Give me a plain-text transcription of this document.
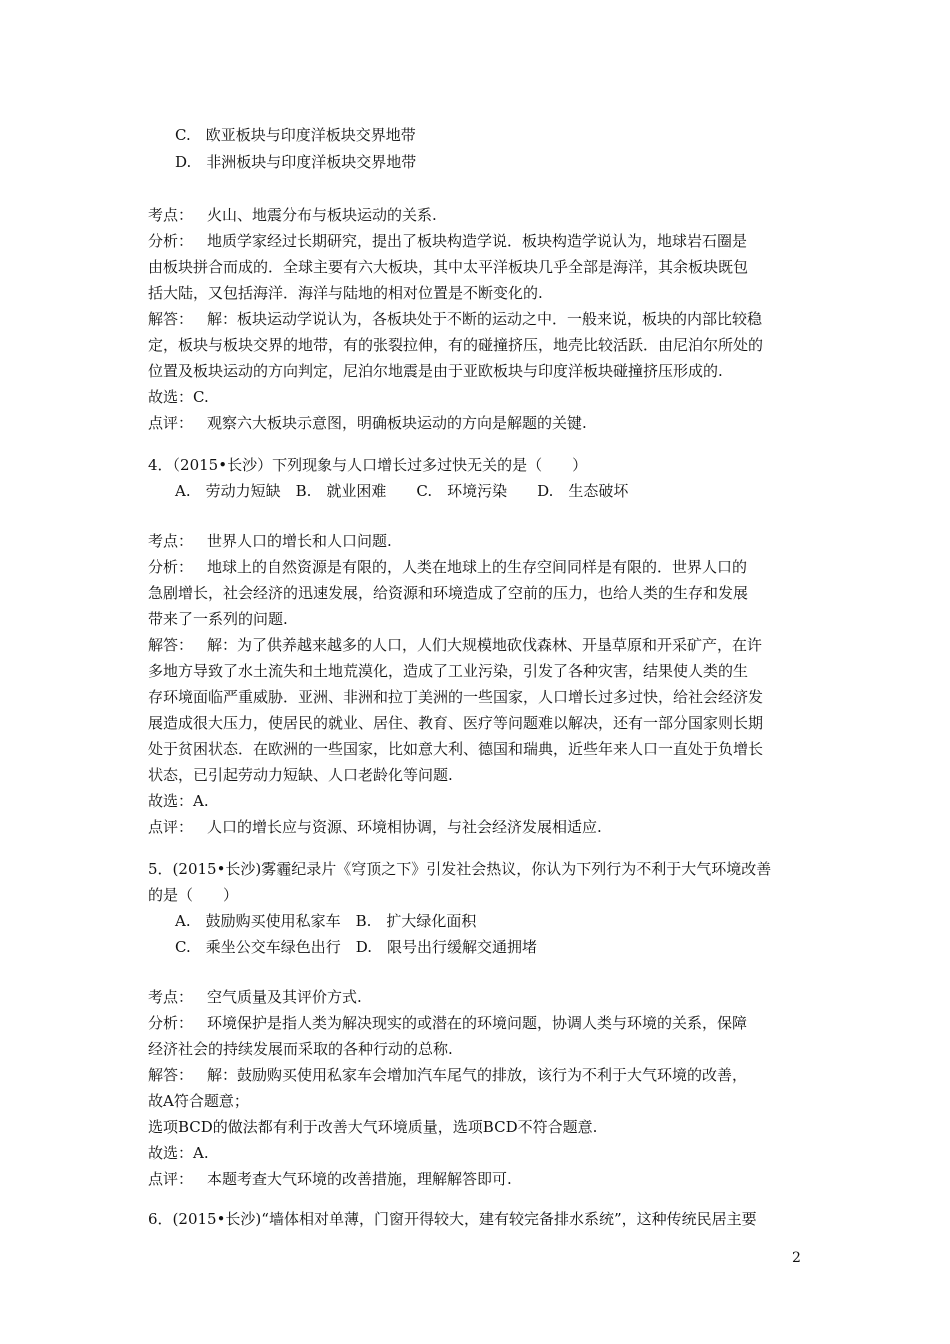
C.　欧亚板块与印度洋板块交界地带
D.　非洲板块与印度洋板块交界地带
考点： 火山、地震分布与板块运动的关系.
分析： 地质学家经过长期研究，提出了板块构造学说．板块构造学说认为，地球岩石圈是
由板块拼合而成的．全球主要有六大板块，其中太平洋板块几乎全部是海洋，其余板块既包
括大陆，又包括海洋．海洋与陆地的相对位置是不断变化的.
解答： 解：板块运动学说认为，各板块处于不断的运动之中．一般来说，板块的内部比较稳
定，板块与板块交界的地带，有的张裂拉伸，有的碰撞挤压，地壳比较活跃．由尼泊尔所处的
位置及板块运动的方向判定，尼泊尔地震是由于亚欧板块与印度洋板块碰撞挤压形成的.
故选：C.
点评： 观察六大板块示意图，明确板块运动的方向是解题的关键.
4．（2015•长沙）下列现象与人口增长过多过快无关的是（　　）
A.　劳动力短缺　B.　就业困难　　C.　环境污染　　D.　生态破坏
考点： 世界人口的增长和人口问题.
分析： 地球上的自然资源是有限的，人类在地球上的生存空间同样是有限的．世界人口的
急剧增长，社会经济的迅速发展，给资源和环境造成了空前的压力，也给人类的生存和发展
带来了一系列的问题.
解答： 解：为了供养越来越多的人口，人们大规模地砍伐森林、开垦草原和开采矿产，在许
多地方导致了水土流失和土地荒漠化，造成了工业污染，引发了各种灾害，结果使人类的生
存环境面临严重威胁．亚洲、非洲和拉丁美洲的一些国家，人口增长过多过快，给社会经济发
展造成很大压力，使居民的就业、居住、教育、医疗等问题难以解决，还有一部分国家则长期
处于贫困状态．在欧洲的一些国家，比如意大利、德国和瑞典，近些年来人口一直处于负增长
状态，已引起劳动力短缺、人口老龄化等问题.
故选：A.
点评： 人口的增长应与资源、环境相协调，与社会经济发展相适应.
5．(2015•长沙)雾霾纪录片《穹顶之下》引发社会热议，你认为下列行为不利于大气环境改善
的是（　　）
A.　鼓励购买使用私家车　B.　扩大绿化面积
C.　乘坐公交车绿色出行　D.　限号出行缓解交通拥堵
考点： 空气质量及其评价方式.
分析： 环境保护是指人类为解决现实的或潜在的环境问题，协调人类与环境的关系，保障
经济社会的持续发展而采取的各种行动的总称.
解答： 解：鼓励购买使用私家车会增加汽车尾气的排放，该行为不利于大气环境的改善，
故A符合题意；
选项BCD的做法都有利于改善大气环境质量，选项BCD不符合题意.
故选：A.
点评： 本题考查大气环境的改善措施，理解解答即可.
6．(2015•长沙)“墙体相对单薄，门窗开得较大，建有较完备排水系统”，这种传统民居主要
2
